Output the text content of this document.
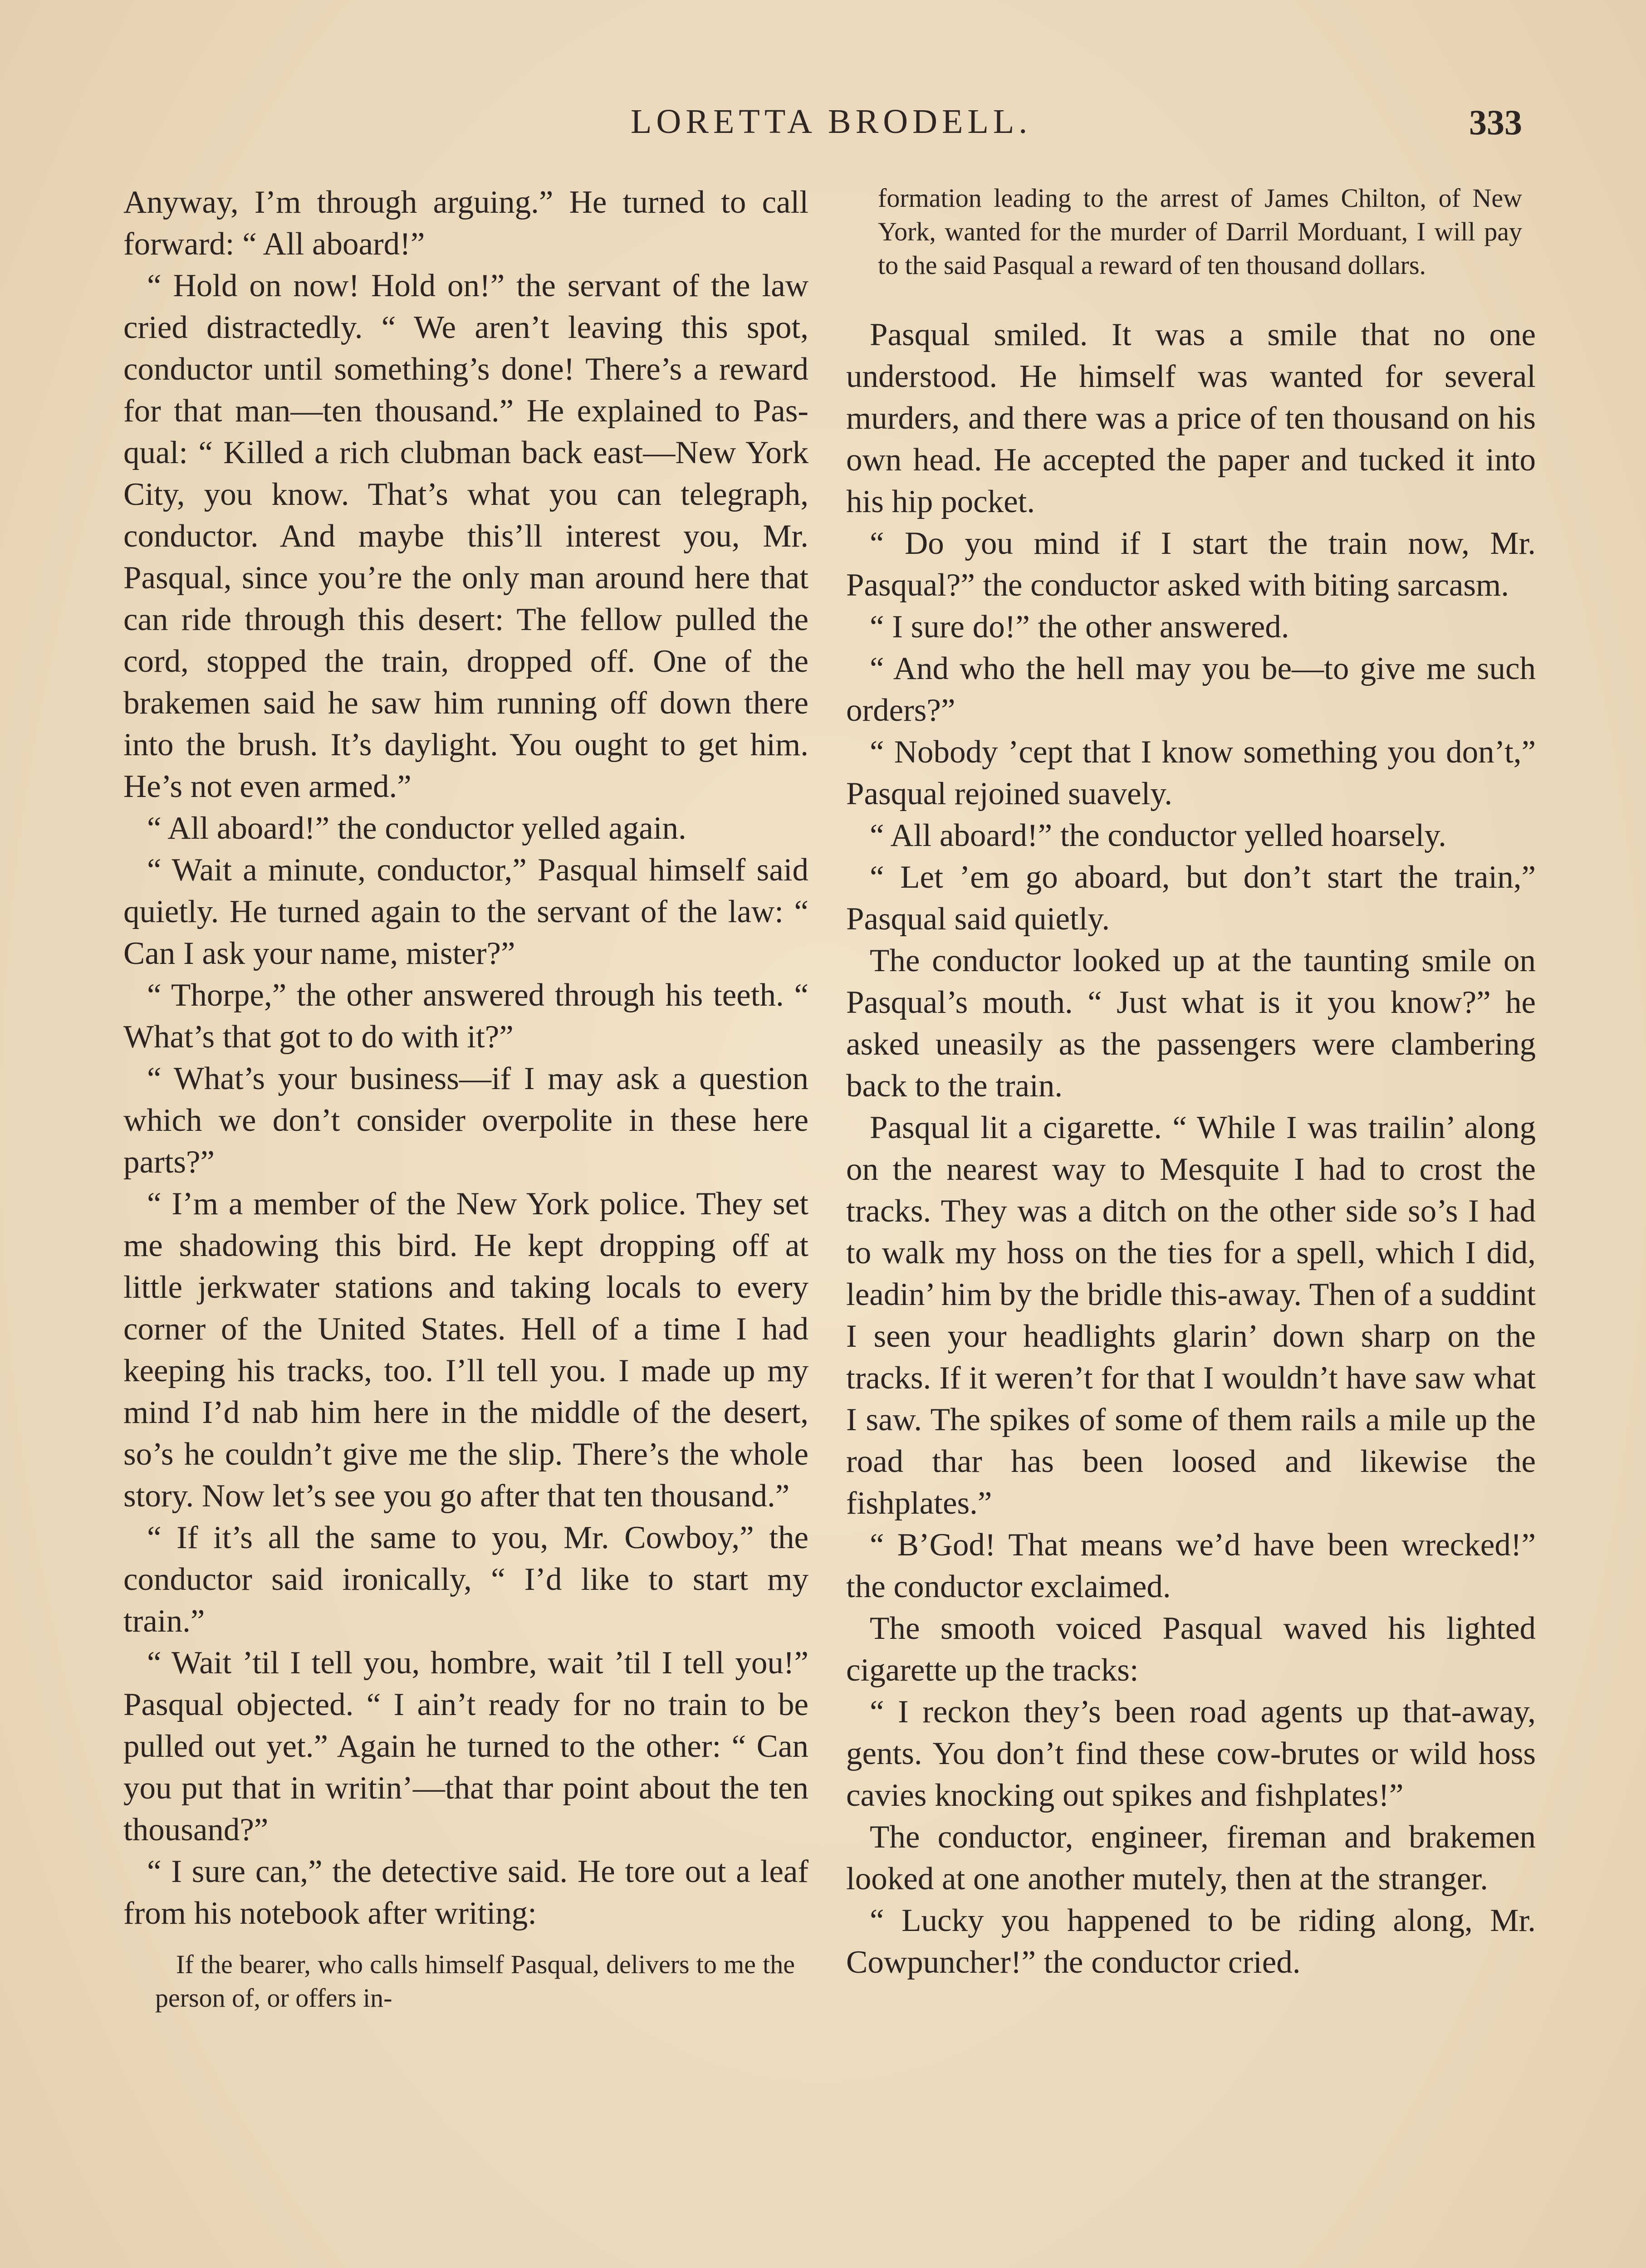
LORETTA BRODELL.	333

Anyway, I’m through arguing.” He turned to call forward: “ All aboard!”

“ Hold on now! Hold on!” the servant of the law cried distractedly. “ We aren’t leaving this spot, conductor until something’s done! There’s a reward for that man—ten thousand.” He explained to Pasqual: “ Killed a rich clubman back east—New York City, you know. That’s what you can telegraph, conductor. And maybe this’ll interest you, Mr. Pasqual, since you’re the only man around here that can ride through this desert: The fellow pulled the cord, stopped the train, dropped off. One of the brakemen said he saw him running off down there into the brush. It’s daylight. You ought to get him. He’s not even armed.”

“ All aboard!” the conductor yelled again.

“ Wait a minute, conductor,” Pasqual himself said quietly. He turned again to the servant of the law: “ Can I ask your name, mister?”

“ Thorpe,” the other answered through his teeth. “ What’s that got to do with it?”

“ What’s your business—if I may ask a question which we don’t consider overpolite in these here parts?”

“ I’m a member of the New York police. They set me shadowing this bird. He kept dropping off at little jerkwater stations and taking locals to every corner of the United States. Hell of a time I had keeping his tracks, too. I’ll tell you. I made up my mind I’d nab him here in the middle of the desert, so’s he couldn’t give me the slip. There’s the whole story. Now let’s see you go after that ten thousand.”

“ If it’s all the same to you, Mr. Cowboy,” the conductor said ironically, “ I’d like to start my train.”

“ Wait ’til I tell you, hombre, wait ’til I tell you!” Pasqual objected. “ I ain’t ready for no train to be pulled out yet.” Again he turned to the other: “ Can you put that in writin’—that thar point about the ten thousand?”

“ I sure can,” the detective said. He tore out a leaf from his notebook after writing:

If the bearer, who calls himself Pasqual, delivers to me the person of, or offers in-

formation leading to the arrest of James Chilton, of New York, wanted for the murder of Darril Morduant, I will pay to the said Pasqual a reward of ten thousand dollars.

Pasqual smiled. It was a smile that no one understood. He himself was wanted for several murders, and there was a price of ten thousand on his own head. He accepted the paper and tucked it into his hip pocket.

“ Do you mind if I start the train now, Mr. Pasqual?” the conductor asked with biting sarcasm.

“ I sure do!” the other answered.

“ And who the hell may you be—to give me such orders?”

“ Nobody ’cept that I know something you don’t,” Pasqual rejoined suavely.

“ All aboard!” the conductor yelled hoarsely.

“ Let ’em go aboard, but don’t start the train,” Pasqual said quietly.

The conductor looked up at the taunting smile on Pasqual’s mouth. “ Just what is it you know?” he asked uneasily as the passengers were clambering back to the train.

Pasqual lit a cigarette. “ While I was trailin’ along on the nearest way to Mesquite I had to crost the tracks. They was a ditch on the other side so’s I had to walk my hoss on the ties for a spell, which I did, leadin’ him by the bridle this-away. Then of a suddint I seen your headlights glarin’ down sharp on the tracks. If it weren’t for that I wouldn’t have saw what I saw. The spikes of some of them rails a mile up the road thar has been loosed and likewise the fishplates.”

“ B’God! That means we’d have been wrecked!” the conductor exclaimed.

The smooth voiced Pasqual waved his lighted cigarette up the tracks:

“ I reckon they’s been road agents up that-away, gents. You don’t find these cow-brutes or wild hoss cavies knocking out spikes and fishplates!”

The conductor, engineer, fireman and brakemen looked at one another mutely, then at the stranger.

“ Lucky you happened to be riding along, Mr. Cowpuncher!” the conductor cried.
